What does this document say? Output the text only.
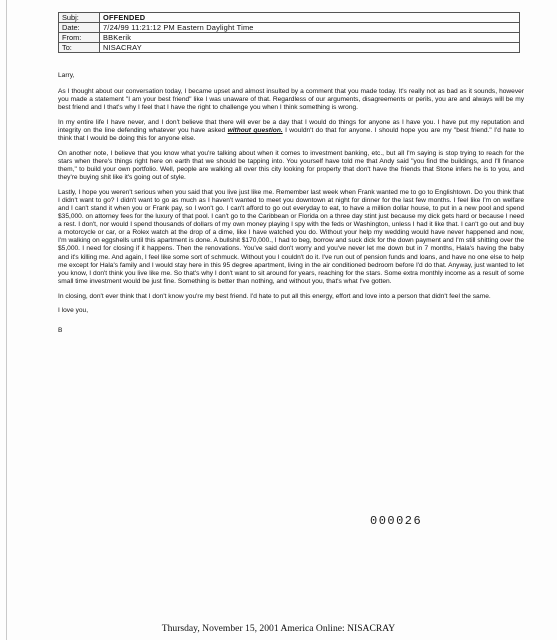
Subj:	OFFENDED
Date:	7/24/99 11:21:12 PM Eastern Daylight Time
From:	BBKerik
To:	NISACRAY

Larry,

As I thought about our conversation today, I became upset and almost insulted by a comment that you made today. It's really not as bad as it sounds, however you made a statement "I am your best friend" like I was unaware of that. Regardless of our arguments, disagreements or perils, you are and always will be my best friend and I that's why I feel that I have the right to challenge you when I think something is wrong.

In my entire life I have never, and I don't believe that there will ever be a day that I would do things for anyone as I have you. I have put my reputation and integrity on the line defending whatever you have asked without question. I wouldn't do that for anyone. I should hope you are my "best friend." I'd hate to think that I would be doing this for anyone else.

On another note, I believe that you know what you're talking about when it comes to investment banking, etc., but all I'm saying is stop trying to reach for the stars when there's things right here on earth that we should be tapping into. You yourself have told me that Andy said "you find the buildings, and I'll finance them," to build your own portfolio. Well, people are walking all over this city looking for property that don't have the friends that Stone infers he is to you, and they're buying shit like it's going out of style.

Lastly, I hope you weren't serious when you said that you live just like me. Remember last week when Frank wanted me to go to Englishtown. Do you think that I didn't want to go? I didn't want to go as much as I haven't wanted to meet you downtown at night for dinner for the last few months. I feel like I'm on welfare and I can't stand it when you or Frank pay, so I won't go. I can't afford to go out everyday to eat, to have a million dollar house, to put in a new pool and spend $35,000. on attorney fees for the luxury of that pool. I can't go to the Caribbean or Florida on a three day stint just because my dick gets hard or because I need a rest. I don't, nor would I spend thousands of dollars of my own money playing I spy with the feds or Washington, unless I had it like that. I can't go out and buy a motorcycle or car, or a Rolex watch at the drop of a dime, like I have watched you do. Without your help my wedding would have never happened and now, I'm walking on eggshells until this apartment is done. A bullshit $170,000., I had to beg, borrow and suck dick for the down payment and I'm still shitting over the $5,000. I need for closing if it happens. Then the renovations. You've said don't worry and you've never let me down but in 7 months, Hala's having the baby and it's killing me. And again, I feel like some sort of schmuck. Without you I couldn't do it. I've run out of pension funds and loans, and have no one else to help me except for Hala's family and I would stay here in this 95 degree apartment, living in the air conditioned bedroom before I'd do that. Anyway, just wanted to let you know, I don't think you live like me. So that's why I don't want to sit around for years, reaching for the stars. Some extra monthly income as a result of some small time investment would be just fine. Something is better than nothing, and without you, that's what I've gotten.

In closing, don't ever think that I don't know you're my best friend. I'd hate to put all this energy, effort and love into a person that didn't feel the same.

I love you,

B

000026
Thursday, November 15, 2001 America Online: NISACRAY
